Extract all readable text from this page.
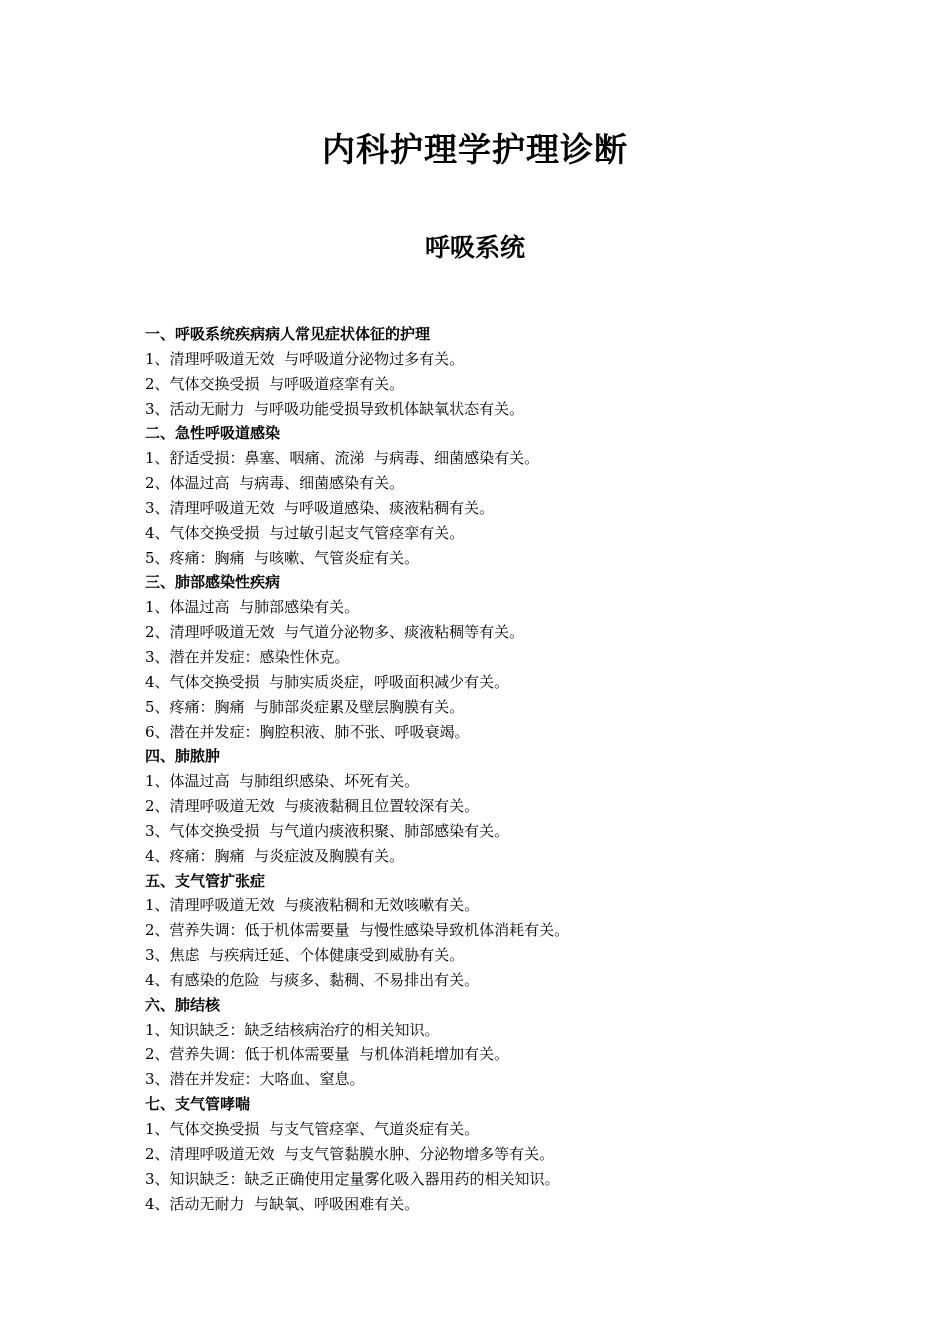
内科护理学护理诊断
呼吸系统
一、呼吸系统疾病病人常见症状体征的护理
1、清理呼吸道无效  与呼吸道分泌物过多有关。
2、气体交换受损  与呼吸道痉挛有关。
3、活动无耐力  与呼吸功能受损导致机体缺氧状态有关。
二、急性呼吸道感染
1、舒适受损：鼻塞、咽痛、流涕  与病毒、细菌感染有关。
2、体温过高  与病毒、细菌感染有关。
3、清理呼吸道无效  与呼吸道感染、痰液粘稠有关。
4、气体交换受损  与过敏引起支气管痉挛有关。
5、疼痛：胸痛  与咳嗽、气管炎症有关。
三、肺部感染性疾病
1、体温过高  与肺部感染有关。
2、清理呼吸道无效  与气道分泌物多、痰液粘稠等有关。
3、潜在并发症：感染性休克。
4、气体交换受损  与肺实质炎症，呼吸面积减少有关。
5、疼痛：胸痛  与肺部炎症累及壁层胸膜有关。
6、潜在并发症：胸腔积液、肺不张、呼吸衰竭。
四、肺脓肿
1、体温过高  与肺组织感染、坏死有关。
2、清理呼吸道无效  与痰液黏稠且位置较深有关。
3、气体交换受损  与气道内痰液积聚、肺部感染有关。
4、疼痛：胸痛  与炎症波及胸膜有关。
五、支气管扩张症
1、清理呼吸道无效  与痰液粘稠和无效咳嗽有关。
2、营养失调：低于机体需要量  与慢性感染导致机体消耗有关。
3、焦虑  与疾病迁延、个体健康受到威胁有关。
4、有感染的危险  与痰多、黏稠、不易排出有关。
六、肺结核
1、知识缺乏：缺乏结核病治疗的相关知识。
2、营养失调：低于机体需要量  与机体消耗增加有关。
3、潜在并发症：大咯血、窒息。
七、支气管哮喘
1、气体交换受损  与支气管痉挛、气道炎症有关。
2、清理呼吸道无效  与支气管黏膜水肿、分泌物增多等有关。
3、知识缺乏：缺乏正确使用定量雾化吸入器用药的相关知识。
4、活动无耐力  与缺氧、呼吸困难有关。
